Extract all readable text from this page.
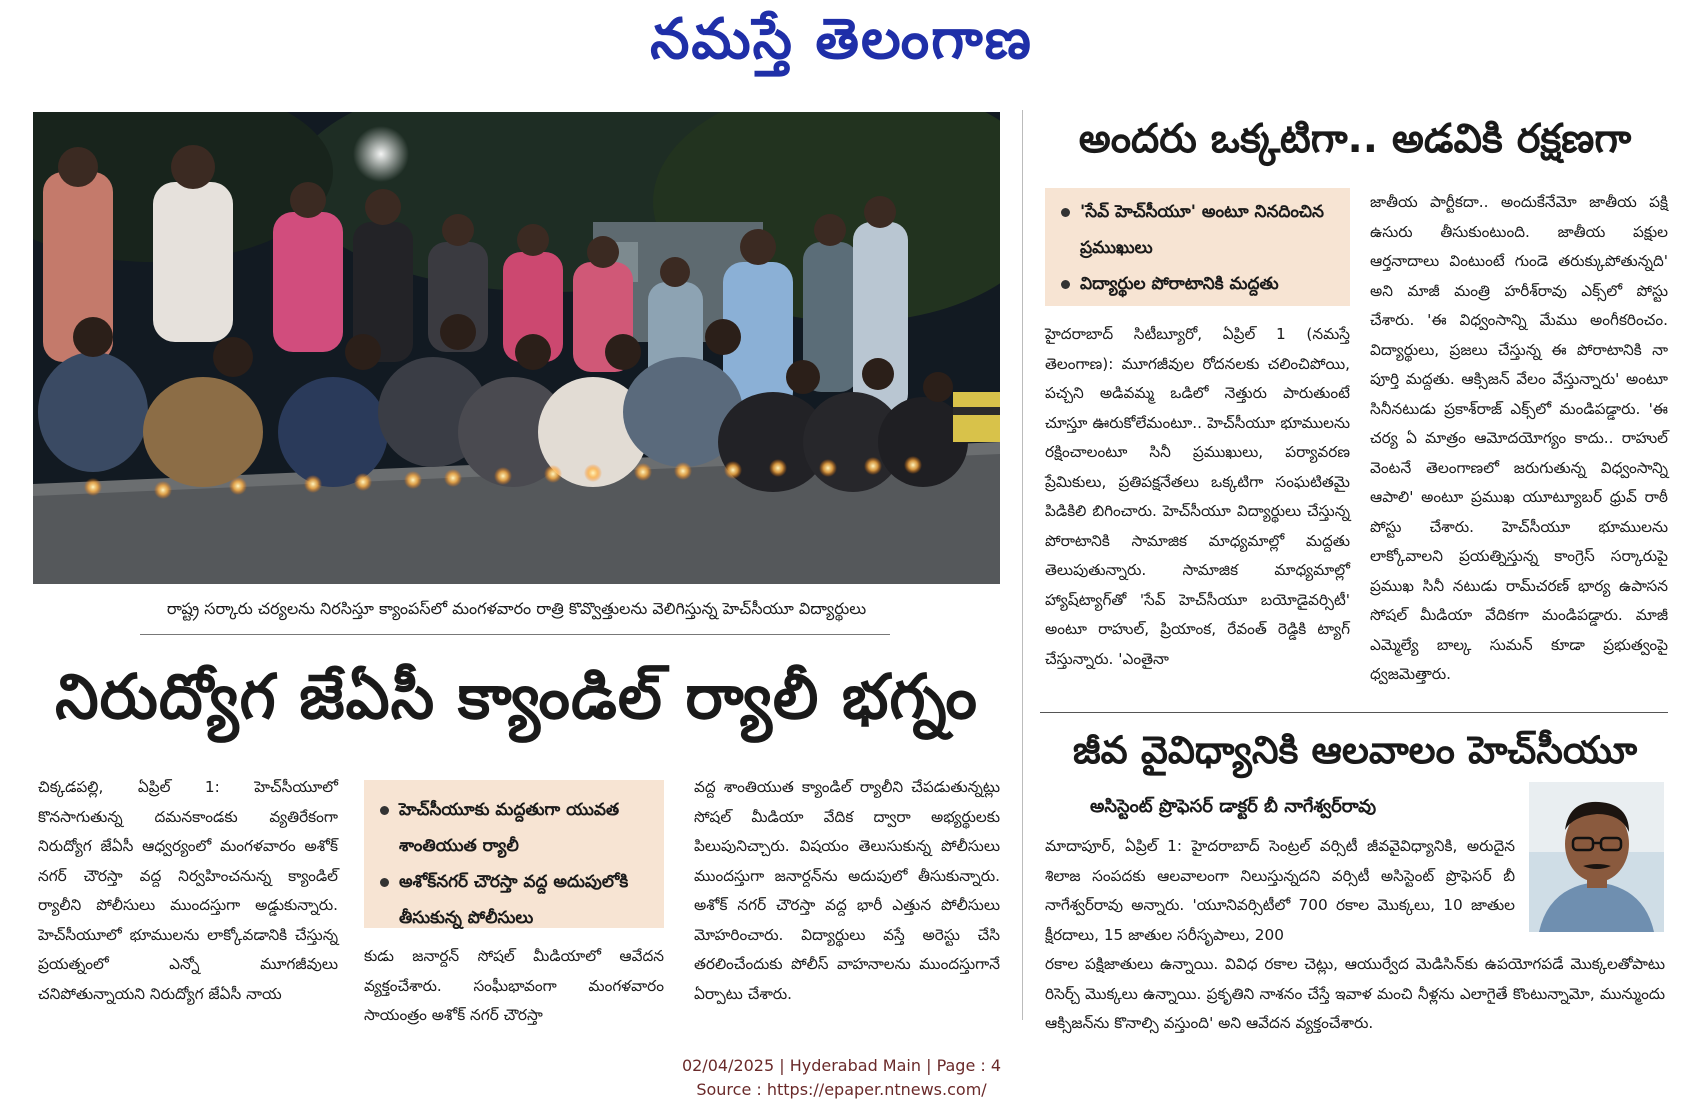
నమస్తే తెలంగాణ
రాష్ట్ర సర్కారు చర్యలను నిరసిస్తూ క్యాంపస్‌లో మంగళవారం రాత్రి కొవ్వొత్తులను వెలిగిస్తున్న హెచ్‌సీయూ విద్యార్థులు
నిరుద్యోగ జేఏసీ క్యాండిల్ ర్యాలీ భగ్నం

చిక్కడపల్లి, ఏప్రిల్ 1: హెచ్‌సీయూలో కొనసాగుతున్న దమనకాండకు వ్యతిరేకంగా నిరుద్యోగ జేఏసీ ఆధ్వర్యంలో మంగళవారం అశోక్ నగర్ చౌరస్తా వద్ద నిర్వహించనున్న క్యాండిల్ ర్యాలీని పోలీసులు ముందస్తుగా అడ్డుకున్నారు. హెచ్‌సీయూలో భూములను లాక్కోవడానికి చేస్తున్న ప్రయత్నంలో ఎన్నో మూగజీవులు చనిపోతున్నాయని నిరుద్యోగ జేఏసీ నాయ

హెచ్‌సీయూకు మద్దతుగా యువత శాంతియుత ర్యాలీ
అశోక్‌నగర్ చౌరస్తా వద్ద అదుపులోకి తీసుకున్న పోలీసులు

కుడు జనార్దన్ సోషల్ మీడియాలో ఆవేదన వ్యక్తంచేశారు. సంఘీభావంగా మంగళవారం సాయంత్రం అశోక్ నగర్ చౌరస్తా

వద్ద శాంతియుత క్యాండిల్ ర్యాలీని చేపడుతున్నట్లు సోషల్ మీడియా వేదిక ద్వారా అభ్యర్థులకు పిలుపునిచ్చారు. విషయం తెలుసుకున్న పోలీసులు ముందస్తుగా జనార్దన్‌ను అదుపులో తీసుకున్నారు. అశోక్ నగర్ చౌరస్తా వద్ద భారీ ఎత్తున పోలీసులు మోహరించారు. విద్యార్థులు వస్తే అరెస్టు చేసి తరలించేందుకు పోలీస్ వాహనాలను ముందస్తుగానే ఏర్పాటు చేశారు.

అందరు ఒక్కటిగా.. అడవికి రక్షణగా
'సేవ్ హెచ్‌సీయూ' అంటూ నినదించిన ప్రముఖులు
విద్యార్థుల పోరాటానికి మద్దతు

హైదరాబాద్ సిటీబ్యూరో, ఏప్రిల్ 1 (నమస్తే తెలంగాణ): మూగజీవుల రోదనలకు చలించిపోయి, పచ్చని అడివమ్మ ఒడిలో నెత్తురు పారుతుంటే చూస్తూ ఊరుకోలేమంటూ.. హెచ్‌సీయూ భూములను రక్షించాలంటూ సినీ ప్రముఖులు, పర్యావరణ ప్రేమికులు, ప్రతిపక్షనేతలు ఒక్కటిగా సంఘటితమై పిడికిలి బిగించారు. హెచ్‌సీయూ విద్యార్థులు చేస్తున్న పోరాటానికి సామాజిక మాధ్యమాల్లో మద్దతు తెలుపుతున్నారు. సామాజిక మాధ్యమాల్లో హ్యాష్‌ట్యాగ్‌తో 'సేవ్ హెచ్‌సీయూ బయోడైవర్సిటీ' అంటూ రాహుల్, ప్రియాంక, రేవంత్ రెడ్డికి ట్యాగ్ చేస్తున్నారు. 'ఎంతైనా

జాతీయ పార్టీకదా.. అందుకేనేమో జాతీయ పక్షి ఉసురు తీసుకుంటుంది. జాతీయ పక్షుల ఆర్తనాదాలు వింటుంటే గుండె తరుక్కుపోతున్నది' అని మాజీ మంత్రి హరీశ్‌రావు ఎక్స్‌లో పోస్టు చేశారు. 'ఈ విధ్వంసాన్ని మేము అంగీకరించం. విద్యార్థులు, ప్రజలు చేస్తున్న ఈ పోరాటానికి నా పూర్తి మద్దతు. ఆక్సిజన్ వేలం వేస్తున్నారు' అంటూ సినీనటుడు ప్రకాశ్‌రాజ్ ఎక్స్‌లో మండిపడ్డారు. 'ఈ చర్య ఏ మాత్రం ఆమోదయోగ్యం కాదు.. రాహుల్ వెంటనే తెలంగాణలో జరుగుతున్న విధ్వంసాన్ని ఆపాలి' అంటూ ప్రముఖ యూట్యూబర్ ధ్రువ్ రాఠీ పోస్టు చేశారు. హెచ్‌సీయూ భూములను లాక్కోవాలని ప్రయత్నిస్తున్న కాంగ్రెస్ సర్కారుపై ప్రముఖ సినీ నటుడు రామ్‌చరణ్ భార్య ఉపాసన సోషల్ మీడియా వేదికగా మండిపడ్డారు. మాజీ ఎమ్మెల్యే బాల్క సుమన్ కూడా ప్రభుత్వంపై ధ్వజమెత్తారు.

జీవ వైవిధ్యానికి ఆలవాలం హెచ్‌సీయూ
అసిస్టెంట్ ప్రొఫెసర్ డాక్టర్ బీ నాగేశ్వర్‌రావు

మాదాపూర్, ఏప్రిల్ 1: హైదరాబాద్ సెంట్రల్ వర్సిటీ జీవవైవిధ్యానికి, అరుదైన శిలాజ సంపదకు ఆలవాలంగా నిలుస్తున్నదని వర్సిటీ అసిస్టెంట్ ప్రొఫెసర్ బీ నాగేశ్వర్‌రావు అన్నారు. 'యూనివర్సిటీలో 700 రకాల మొక్కలు, 10 జాతుల క్షీరదాలు, 15 జాతుల సరీసృపాలు, 200

రకాల పక్షిజాతులు ఉన్నాయి. వివిధ రకాల చెట్లు, ఆయుర్వేద మెడిసిన్‌కు ఉపయోగపడే మొక్కలతోపాటు రిసెర్చ్ మొక్కలు ఉన్నాయి. ప్రకృతిని నాశనం చేస్తే ఇవాళ మంచి నీళ్లను ఎలాగైతే కొంటున్నామో, మున్ముందు ఆక్సిజన్‌ను కొనాల్సి వస్తుంది' అని ఆవేదన వ్యక్తంచేశారు.

02/04/2025 | Hyderabad Main | Page : 4
Source : https://epaper.ntnews.com/
